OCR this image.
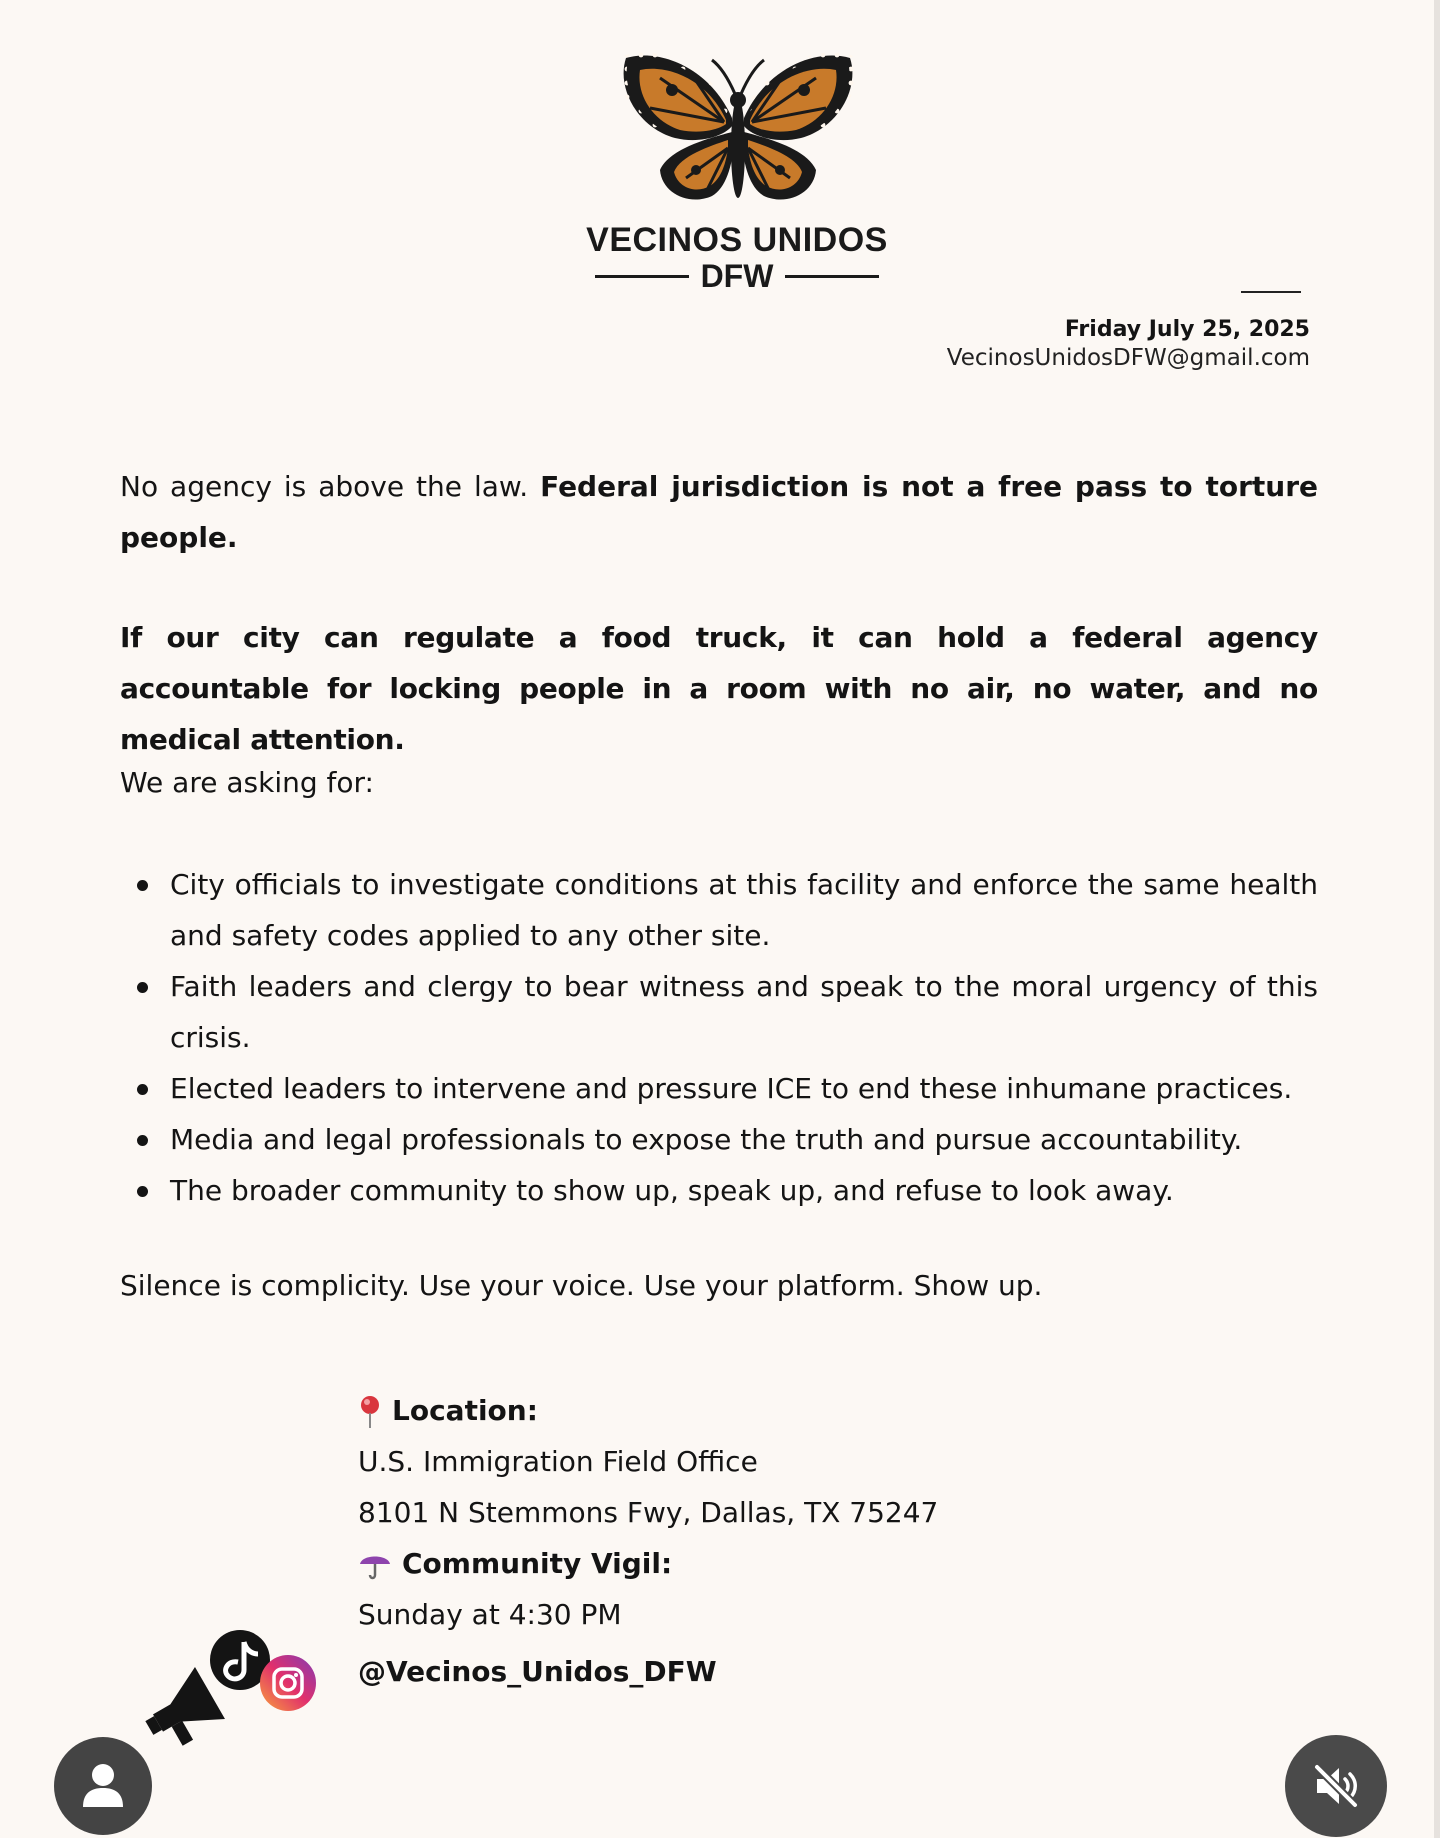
VECINOS UNIDOS
DFW
Friday July 25, 2025
VecinosUnidosDFW@gmail.com
No agency is above the law. Federal jurisdiction is not a free pass to torture people.
If our city can regulate a food truck, it can hold a federal agency accountable for locking people in a room with no air, no water, and no medical attention.
We are asking for:
City officials to investigate conditions at this facility and enforce the same health and safety codes applied to any other site.
Faith leaders and clergy to bear witness and speak to the moral urgency of this crisis.
Elected leaders to intervene and pressure ICE to end these inhumane practices.
Media and legal professionals to expose the truth and pursue accountability.
The broader community to show up, speak up, and refuse to look away.
Silence is complicity. Use your voice. Use your platform. Show up.
Location:
U.S. Immigration Field Office
8101 N Stemmons Fwy, Dallas, TX 75247
Community Vigil:
Sunday at 4:30 PM
@Vecinos_Unidos_DFW
